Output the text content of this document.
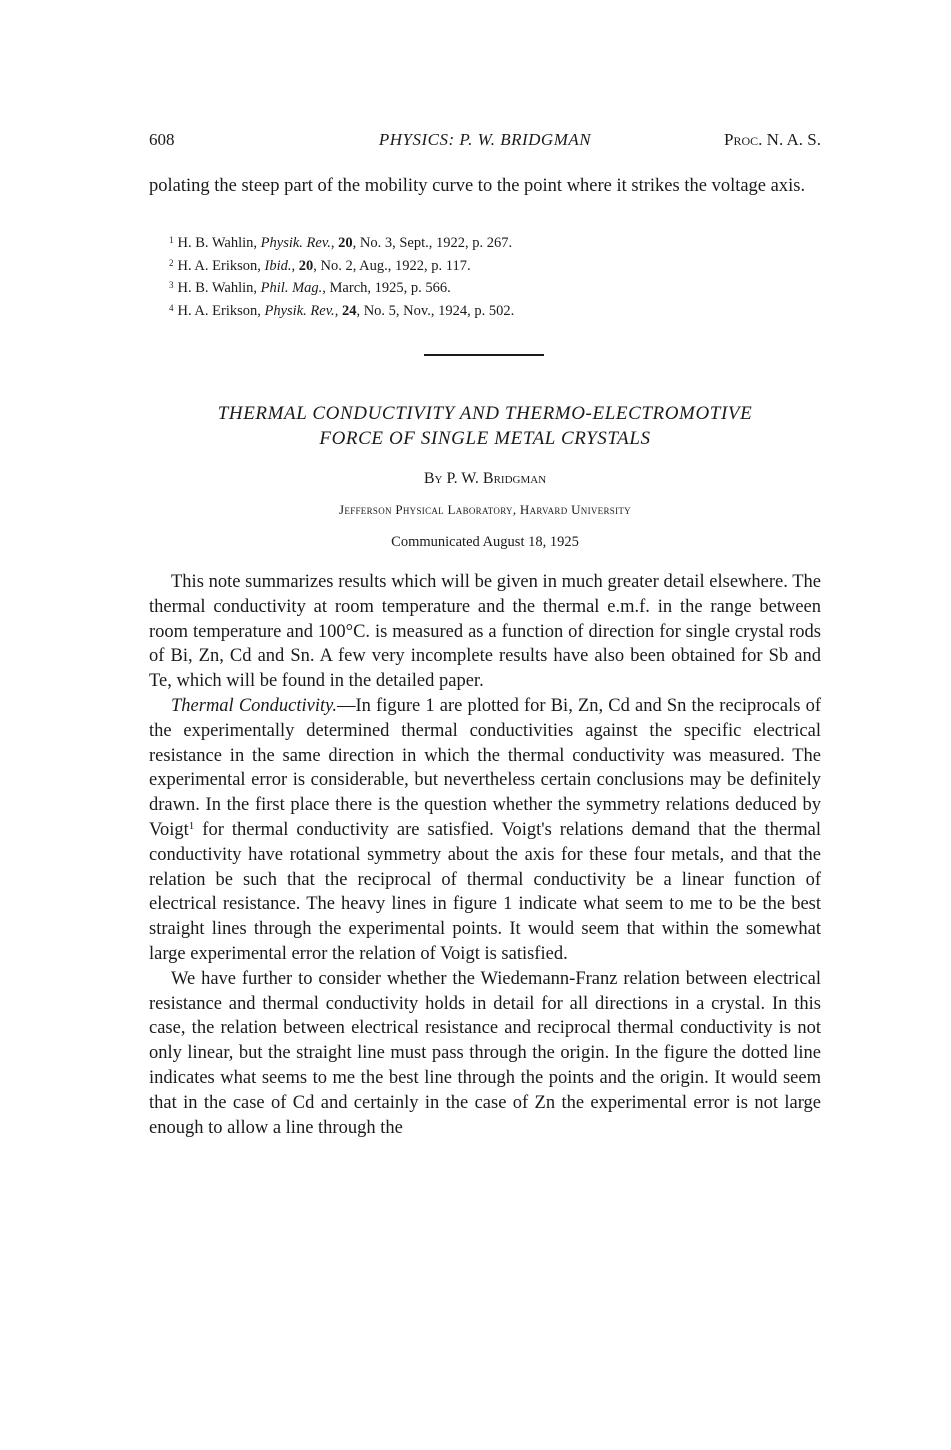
608	PHYSICS: P. W. BRIDGMAN	Proc. N. A. S.
polating the steep part of the mobility curve to the point where it strikes the voltage axis.
$^1$ H. B. Wahlin, Physik. Rev., 20, No. 3, Sept., 1922, p. 267.
$^2$ H. A. Erikson, Ibid., 20, No. 2, Aug., 1922, p. 117.
$^3$ H. B. Wahlin, Phil. Mag., March, 1925, p. 566.
$^4$ H. A. Erikson, Physik. Rev., 24, No. 5, Nov., 1924, p. 502.
THERMAL CONDUCTIVITY AND THERMO-ELECTROMOTIVE
FORCE OF SINGLE METAL CRYSTALS
By P. W. Bridgman
Jefferson Physical Laboratory, Harvard University
Communicated August 18, 1925

This note summarizes results which will be given in much greater detail elsewhere. The thermal conductivity at room temperature and the thermal e.m.f. in the range between room temperature and 100°C. is measured as a function of direction for single crystal rods of Bi, Zn, Cd and Sn. A few very incomplete results have also been obtained for Sb and Te, which will be found in the detailed paper.

Thermal Conductivity.—In figure 1 are plotted for Bi, Zn, Cd and Sn the reciprocals of the experimentally determined thermal conductivities against the specific electrical resistance in the same direction in which the thermal conductivity was measured. The experimental error is considerable, but nevertheless certain conclusions may be definitely drawn. In the first place there is the question whether the symmetry relations deduced by Voigt$^1$ for thermal conductivity are satisfied. Voigt's relations demand that the thermal conductivity have rotational symmetry about the axis for these four metals, and that the relation be such that the reciprocal of thermal conductivity be a linear function of electrical resistance. The heavy lines in figure 1 indicate what seem to me to be the best straight lines through the experimental points. It would seem that within the somewhat large experimental error the relation of Voigt is satisfied.

We have further to consider whether the Wiedemann-Franz relation between electrical resistance and thermal conductivity holds in detail for all directions in a crystal. In this case, the relation between electrical resistance and reciprocal thermal conductivity is not only linear, but the straight line must pass through the origin. In the figure the dotted line indicates what seems to me the best line through the points and the origin. It would seem that in the case of Cd and certainly in the case of Zn the experimental error is not large enough to allow a line through the
